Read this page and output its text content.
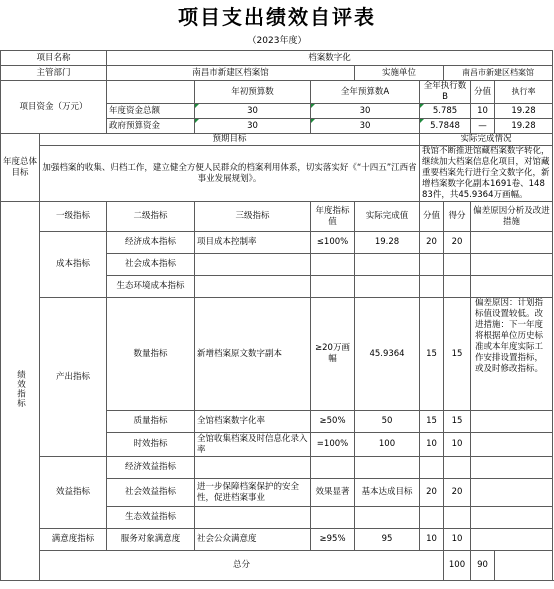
项目支出绩效自评表
（2023年度）
项目名称		档案数字化								
主管部门		南昌市新建区档案馆			实施单位		南昌市新建区档案馆			
项目资金（万元）			年初预算数	全年预算数A		全年执行数B		分值	执行率	
		年度资金总额	30	30		5.785		10	19.28	
		政府预算资金	30	30		5.7848		—	19.28	
年度总体目标	预期目标					实际完成情况				
	加强档案的收集、归档工作，建立健全方便人民群众的档案利用体系，切实落实好《“十四五”江西省事业发展规划》。					我馆不断推进馆藏档案数字转化，继续加大档案信息化项目，对馆藏重要档案先行进行全文数字化，新增档案数字化副本1691卷、14883件，共45.9364万画幅。				
绩效指标	一级指标	二级指标	三级指标	年度指标值	实际完成值	分值	得分	偏差原因分析及改进措施		
	成本指标	经济成本指标	项目成本控制率	≤100%	19.28	20	20			
		社会成本指标								
		生态环境成本指标								
	产出指标	数量指标	新增档案原文数字副本	≥20万画幅	45.9364	15	15	偏差原因：计划指标值设置较低。改进措施：下一年度将根据单位历史标准或本年度实际工作安排设置指标，或及时修改指标。		
		质量指标	全馆档案数字化率	≥50%	50	15	15			
		时效指标	全馆收集档案及时信息化录入率	=100%	100	10	10			
	效益指标	经济效益指标								
		社会效益指标	进一步保障档案保护的安全性，促进档案事业	效果显著	基本达成目标	20	20			
		生态效益指标								
	满意度指标	服务对象满意度	社会公众满意度	≥95%	95	10	10			
	总分						100	90		
